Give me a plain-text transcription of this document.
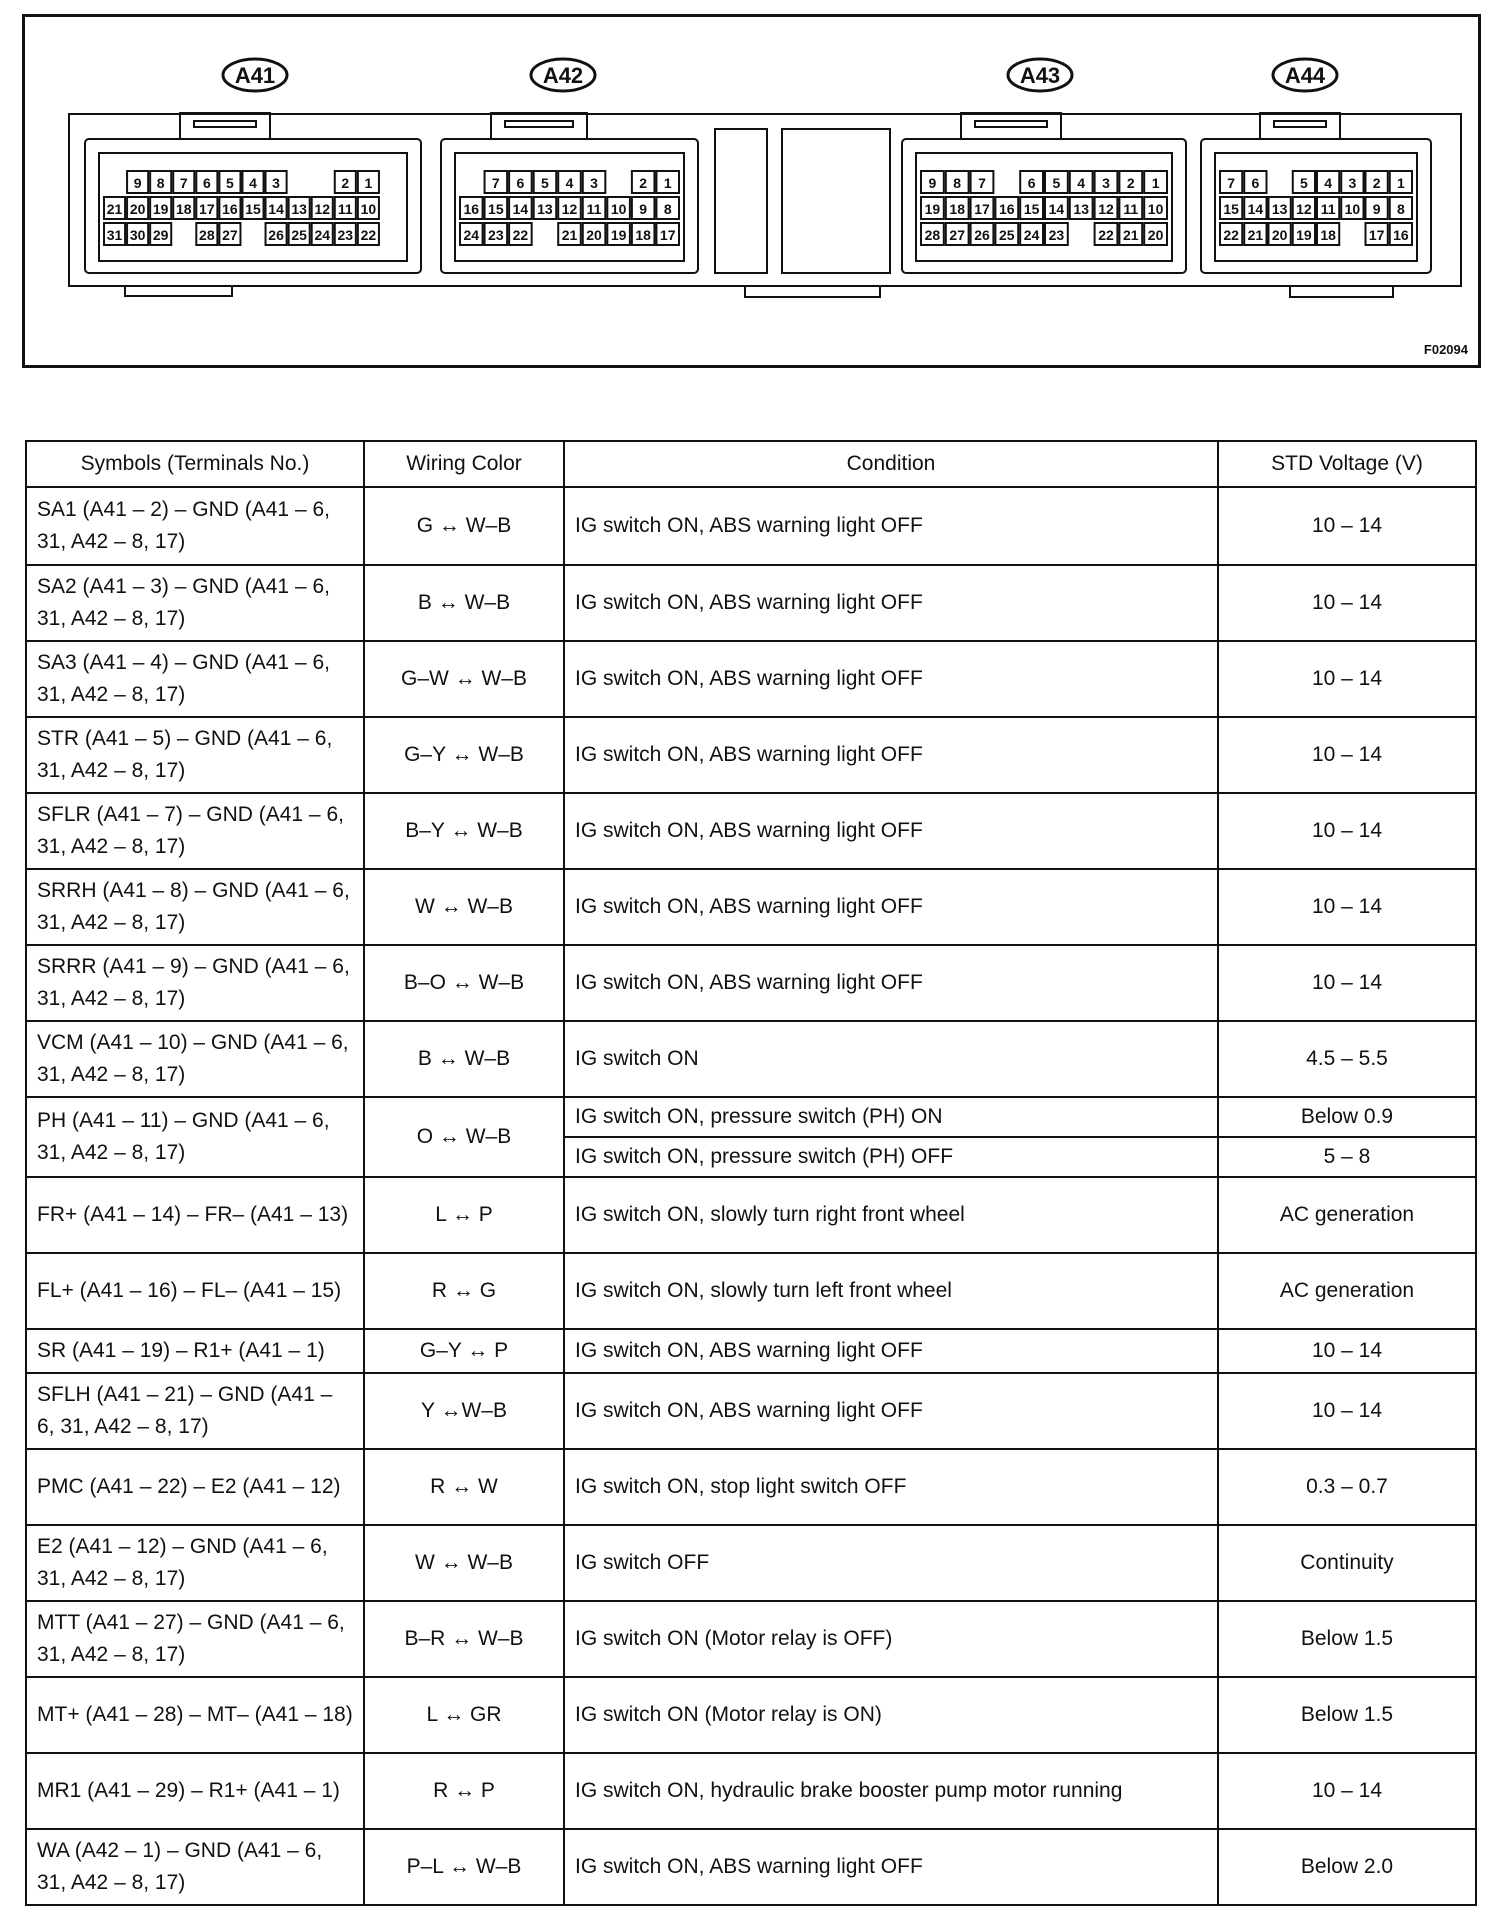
A41
9 8 7 6 5 4 3	2 1
21 20 19 18 17 16 15 14 13 12 11 10
31 30 29 28 27 26 25 24 23 22
A42
7 6 5 4 3	2 1
16 15 14 13 12 11 10 9 8
24 23 22 21 20 19 18 17
A43
9 8 7	6 5 4 3 2 1
19 18 17 16 15 14 13 12 11 10
28 27 26 25 24 23 22 21 20
A44
7 6	5 4 3 2 1
15 14 13 12 11 10 9 8
22 21 20 19 18 17 16
F02094
Symbols (Terminals No.)	Wiring Color	Condition	STD Voltage (V)
SA1 (A41 – 2) – GND (A41 – 6, 31, A42 – 8, 17)	G ↔ W–B	IG switch ON, ABS warning light OFF	10 – 14
SA2 (A41 – 3) – GND (A41 – 6, 31, A42 – 8, 17)	B ↔ W–B	IG switch ON, ABS warning light OFF	10 – 14
SA3 (A41 – 4) – GND (A41 – 6, 31, A42 – 8, 17)	G–W ↔ W–B	IG switch ON, ABS warning light OFF	10 – 14
STR (A41 – 5) – GND (A41 – 6, 31, A42 – 8, 17)	G–Y ↔ W–B	IG switch ON, ABS warning light OFF	10 – 14
SFLR (A41 – 7) – GND (A41 – 6, 31, A42 – 8, 17)	B–Y ↔ W–B	IG switch ON, ABS warning light OFF	10 – 14
SRRH (A41 – 8) – GND (A41 – 6, 31, A42 – 8, 17)	W ↔ W–B	IG switch ON, ABS warning light OFF	10 – 14
SRRR (A41 – 9) – GND (A41 – 6, 31, A42 – 8, 17)	B–O ↔ W–B	IG switch ON, ABS warning light OFF	10 – 14
VCM (A41 – 10) – GND (A41 – 6, 31, A42 – 8, 17)	B ↔ W–B	IG switch ON	4.5 – 5.5
PH (A41 – 11) – GND (A41 – 6, 31, A42 – 8, 17)	O ↔ W–B	IG switch ON, pressure switch (PH) ON	Below 0.9
		IG switch ON, pressure switch (PH) OFF	5 – 8
FR+ (A41 – 14) – FR– (A41 – 13)	L ↔ P	IG switch ON, slowly turn right front wheel	AC generation
FL+ (A41 – 16) – FL– (A41 – 15)	R ↔ G	IG switch ON, slowly turn left front wheel	AC generation
SR (A41 – 19) – R1+ (A41 – 1)	G–Y ↔ P	IG switch ON, ABS warning light OFF	10 – 14
SFLH (A41 – 21) – GND (A41 – 6, 31, A42 – 8, 17)	Y ↔W–B	IG switch ON, ABS warning light OFF	10 – 14
PMC (A41 – 22) – E2 (A41 – 12)	R ↔ W	IG switch ON, stop light switch OFF	0.3 – 0.7
E2 (A41 – 12) – GND (A41 – 6, 31, A42 – 8, 17)	W ↔ W–B	IG switch OFF	Continuity
MTT (A41 – 27) – GND (A41 – 6, 31, A42 – 8, 17)	B–R ↔ W–B	IG switch ON (Motor relay is OFF)	Below 1.5
MT+ (A41 – 28) – MT– (A41 – 18)	L ↔ GR	IG switch ON (Motor relay is ON)	Below 1.5
MR1 (A41 – 29) – R1+ (A41 – 1)	R ↔ P	IG switch ON, hydraulic brake booster pump motor running	10 – 14
WA (A42 – 1) – GND (A41 – 6, 31, A42 – 8, 17)	P–L ↔ W–B	IG switch ON, ABS warning light OFF	Below 2.0
